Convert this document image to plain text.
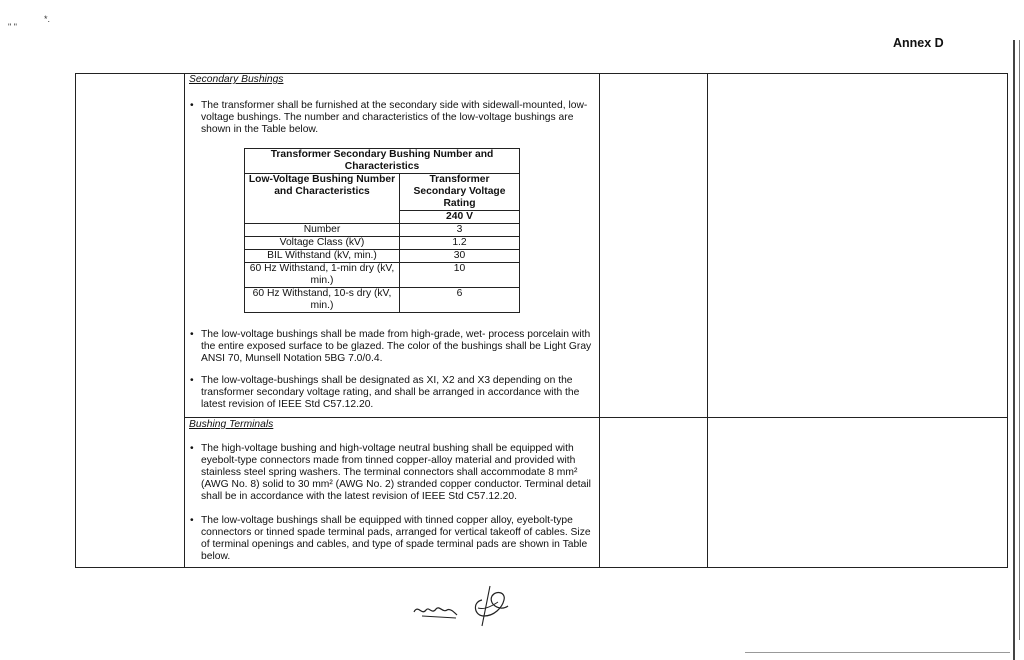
" "
*.
Annex D
Secondary Bushings
• The transformer shall be furnished at the secondary side with sidewall-mounted, low-voltage bushings. The number and characteristics of the low-voltage bushings are shown in the Table below.
Transformer Secondary Bushing Number and Characteristics	
Low-Voltage Bushing Number and Characteristics	Transformer Secondary Voltage Rating
	240 V
Number	3
Voltage Class (kV)	1.2
BIL Withstand (kV, min.)	30
60 Hz Withstand, 1-min dry (kV, min.)	10
60 Hz Withstand, 10-s dry (kV, min.)	6
• The low-voltage bushings shall be made from high-grade, wet- process porcelain with the entire exposed surface to be glazed. The color of the bushings shall be Light Gray ANSI 70, Munsell Notation 5BG 7.0/0.4.
• The low-voltage-bushings shall be designated as XI, X2 and X3 depending on the transformer secondary voltage rating, and shall be arranged in accordance with the latest revision of IEEE Std C57.12.20.
Bushing Terminals
• The high-voltage bushing and high-voltage neutral bushing shall be equipped with eyebolt-type connectors made from tinned copper-alloy material and provided with stainless steel spring washers. The terminal connectors shall accommodate 8 mm² (AWG No. 8) solid to 30 mm² (AWG No. 2) stranded copper conductor. Terminal detail shall be in accordance with the latest revision of IEEE Std C57.12.20.
• The low-voltage bushings shall be equipped with tinned copper alloy, eyebolt-type connectors or tinned spade terminal pads, arranged for vertical takeoff of cables. Size of terminal openings and cables, and type of spade terminal pads are shown in Table below.
